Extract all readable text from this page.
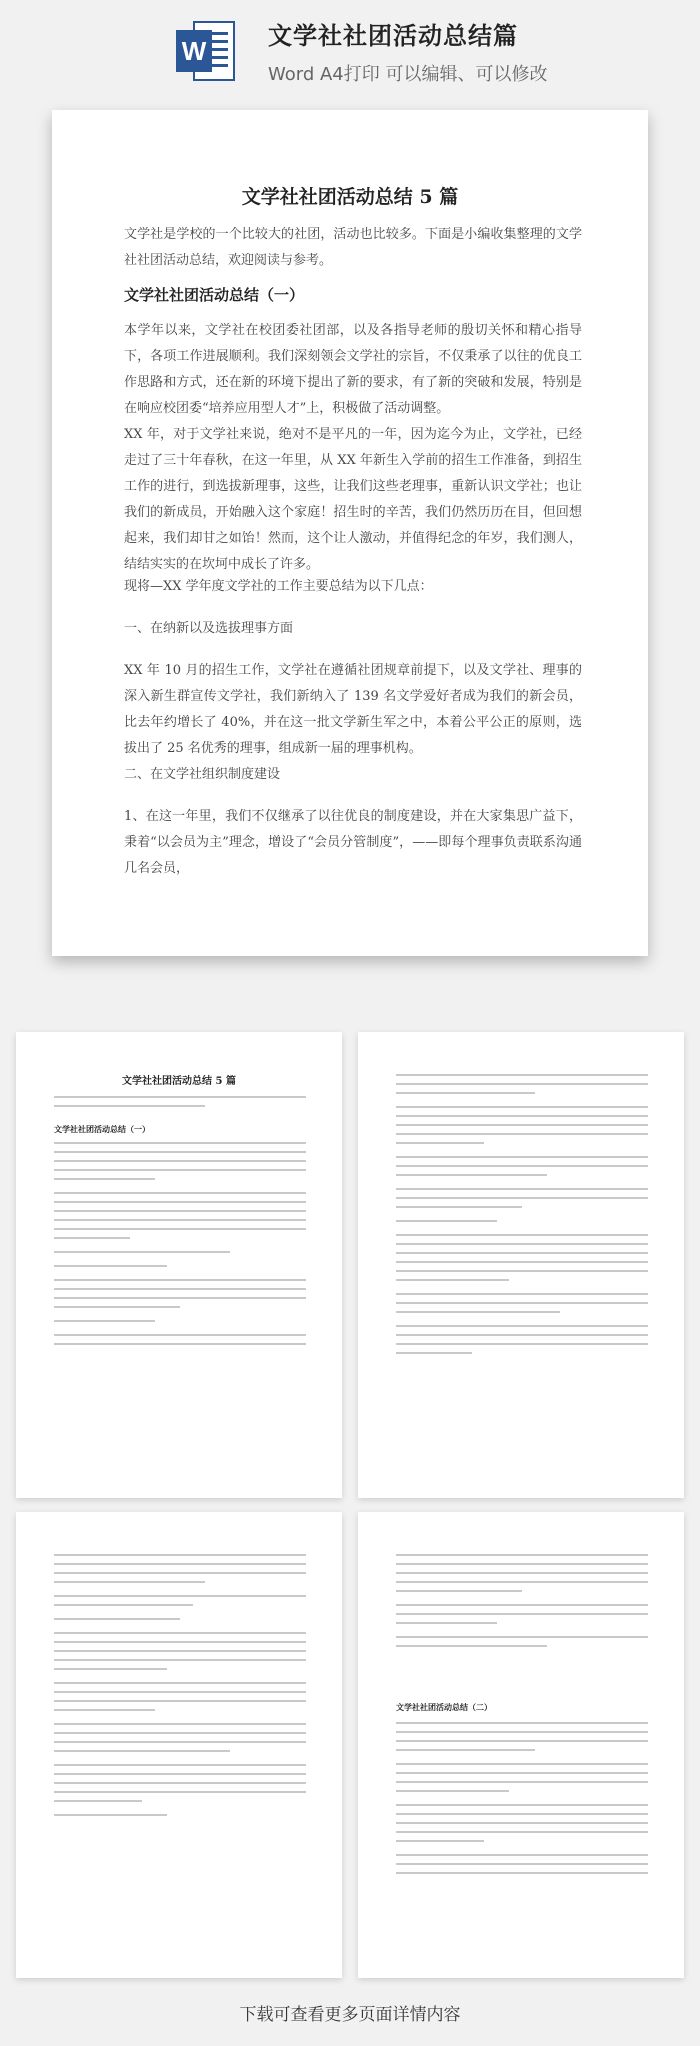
W	文学社社团活动总结篇
Word A4打印 可以编辑、可以修改
文学社社团活动总结 5 篇
文学社是学校的一个比较大的社团，活动也比较多。下面是小编收集整理的文学社社团活动总结，欢迎阅读与参考。
文学社社团活动总结（一）
本学年以来，文学社在校团委社团部，以及各指导老师的殷切关怀和精心指导下，各项工作进展顺利。我们深刻领会文学社的宗旨，不仅秉承了以往的优良工作思路和方式，还在新的环境下提出了新的要求，有了新的突破和发展，特别是在响应校团委“培养应用型人才”上，积极做了活动调整。
XX 年，对于文学社来说，绝对不是平凡的一年，因为迄今为止，文学社，已经走过了三十年春秋，在这一年里，从 XX 年新生入学前的招生工作准备，到招生工作的进行，到选拔新理事，这些，让我们这些老理事，重新认识文学社；也让我们的新成员，开始融入这个家庭！招生时的辛苦，我们仍然历历在目，但回想起来，我们却甘之如饴！然而，这个让人激动，并值得纪念的年岁，我们测人，结结实实的在坎坷中成长了许多。
现将—XX 学年度文学社的工作主要总结为以下几点：
一、在纳新以及选拔理事方面
XX 年 10 月的招生工作，文学社在遵循社团规章前提下，以及文学社、理事的深入新生群宣传文学社，我们新纳入了 139 名文学爱好者成为我们的新会员，比去年约增长了 40%，并在这一批文学新生军之中，本着公平公正的原则，选拔出了 25 名优秀的理事，组成新一届的理事机构。
二、在文学社组织制度建设
1、在这一年里，我们不仅继承了以往优良的制度建设，并在大家集思广益下，秉着“以会员为主”理念，增设了“会员分管制度”，——即每个理事负责联系沟通几名会员，
文学社社团活动总结 5 篇
文学社社团活动总结（一）
文学社社团活动总结（二）
下载可查看更多页面详情内容
